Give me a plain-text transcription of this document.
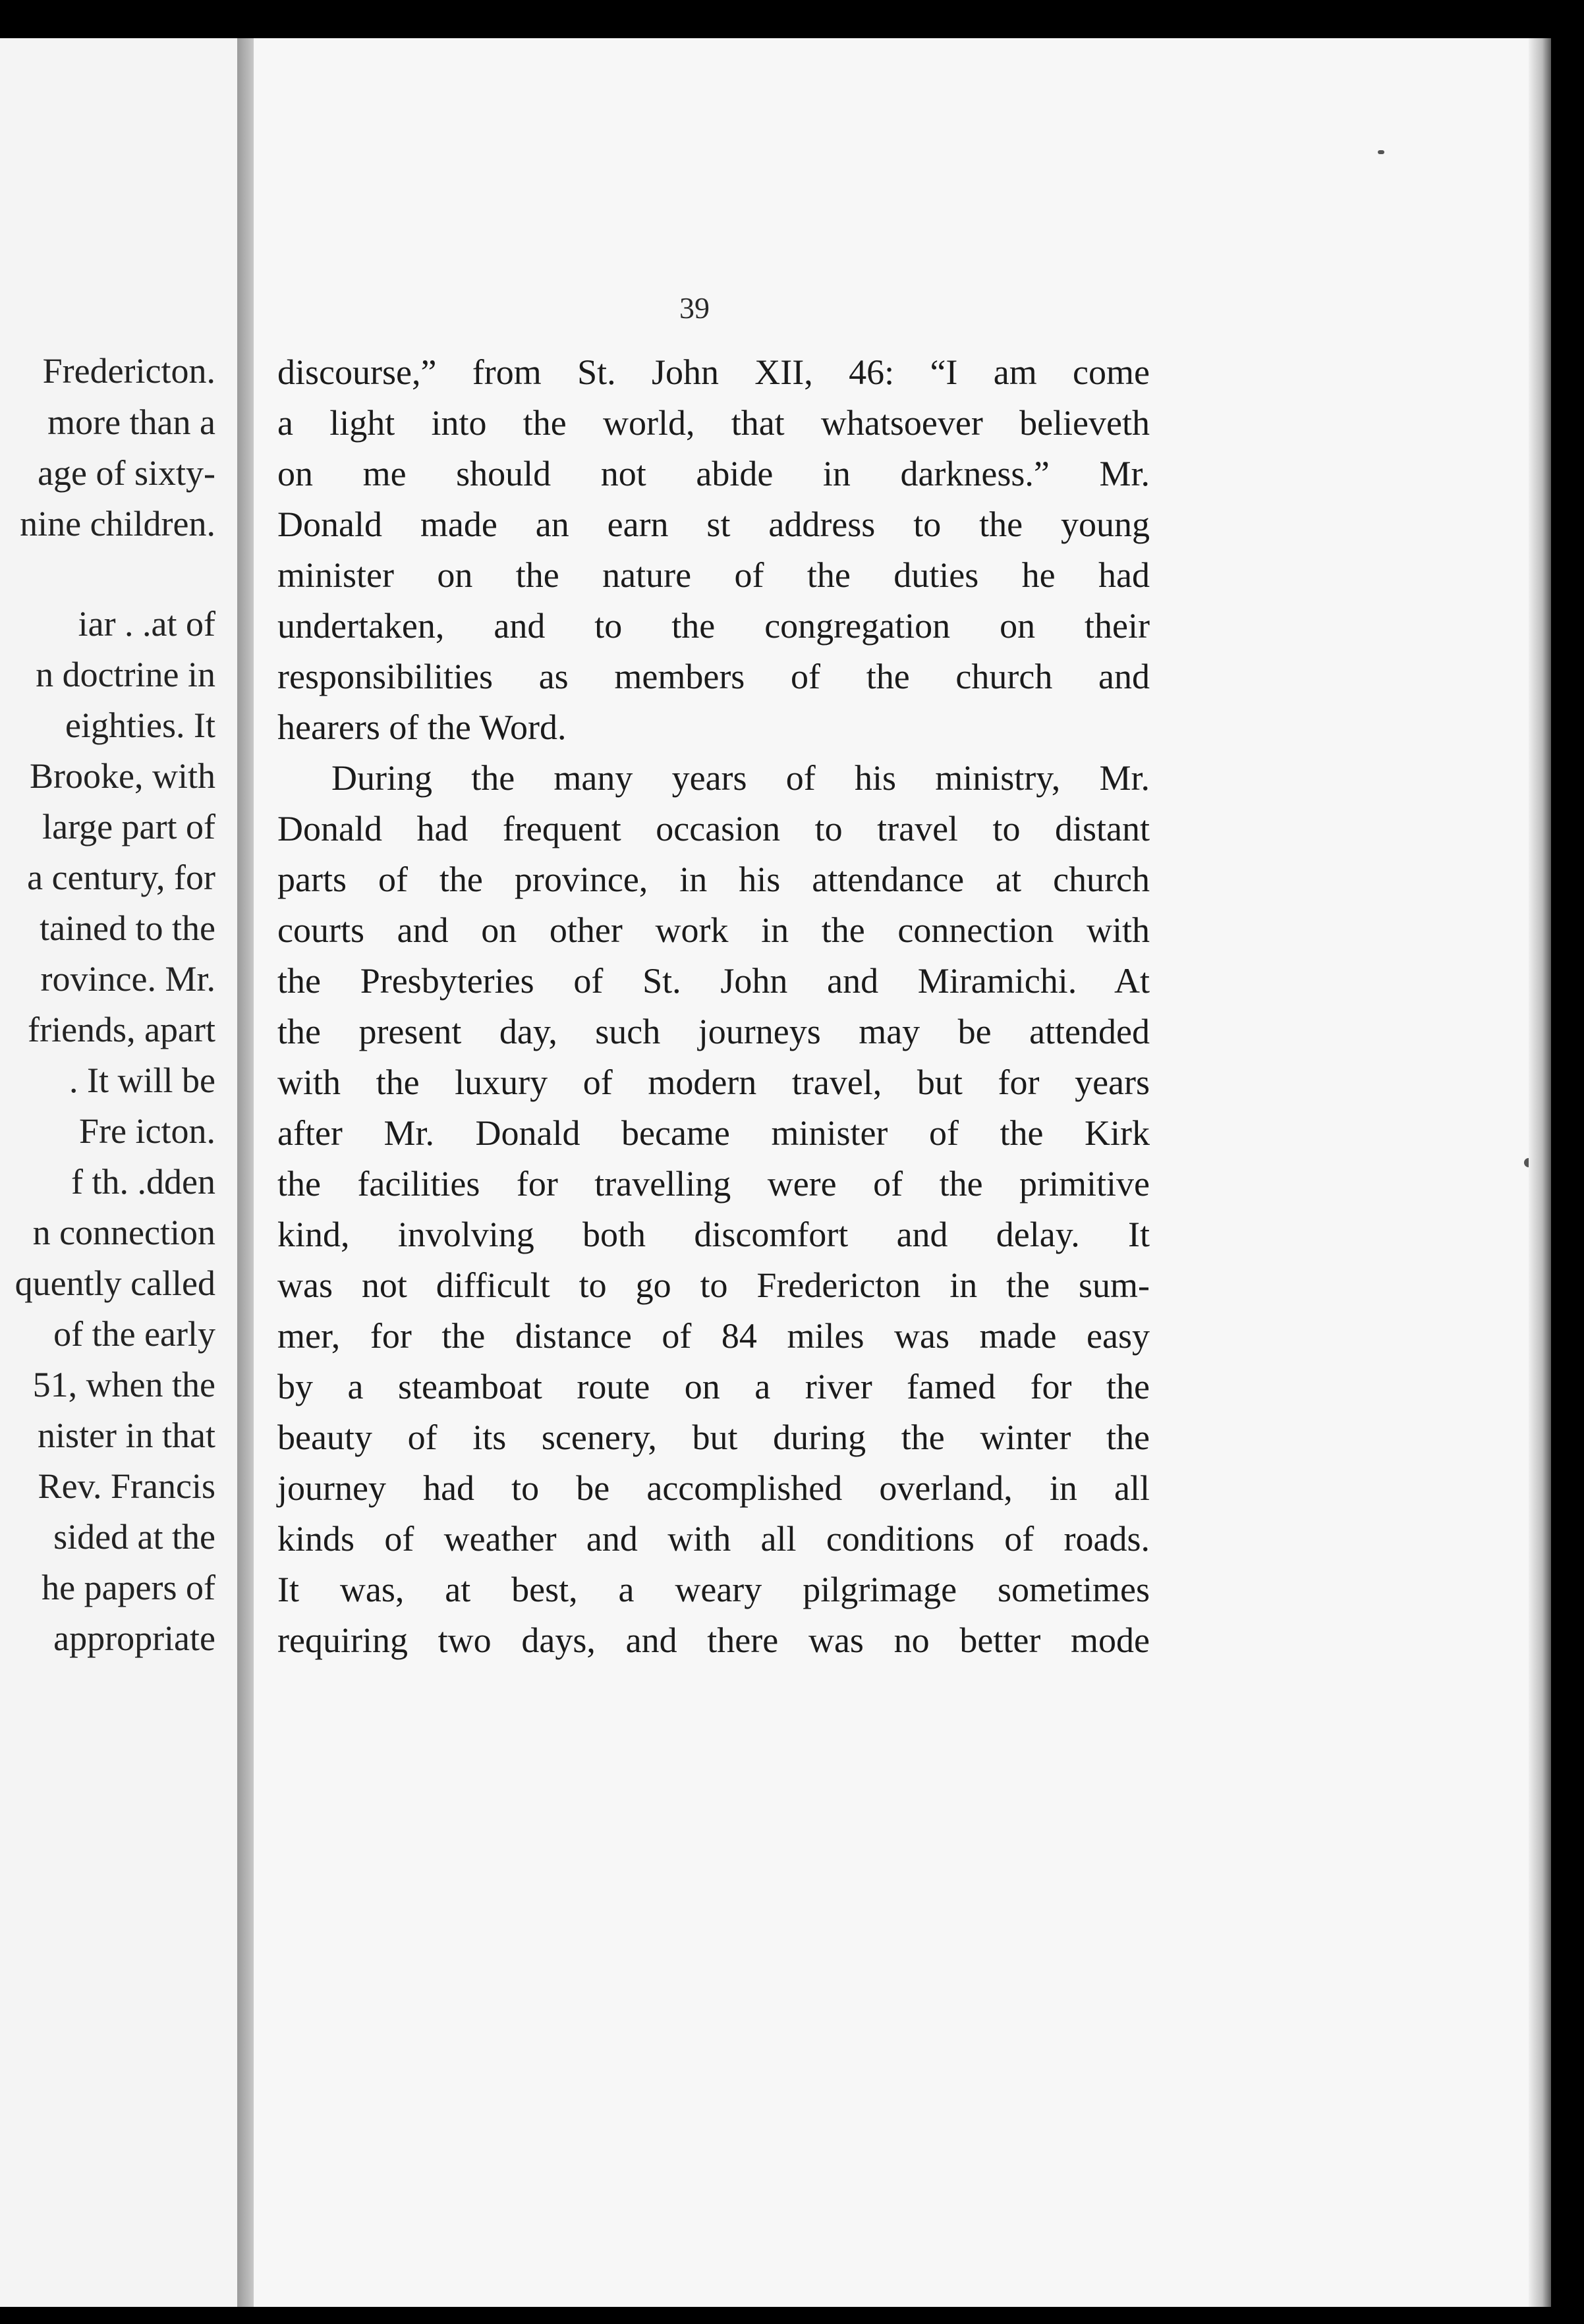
Fredericton.
more than a
age of sixty-
nine children.
iar . .at of
n doctrine in
eighties. It
Brooke, with
large part of
a century, for
tained to the
rovince. Mr.
friends, apart
. It will be
Fre icton.
f th. .dden
n connection
quently called
of the early
51, when the
nister in that
Rev. Francis
sided at the
he papers of
appropriate
39
discourse,” from St. John XII, 46: “I am come
a light into the world, that whatsoever believeth
on me should not abide in darkness.” Mr.
Donald made an earn st address to the young
minister on the nature of the duties he had
undertaken, and to the congregation on their
responsibilities as members of the church and
hearers of the Word.
During the many years of his ministry, Mr.
Donald had frequent occasion to travel to distant
parts of the province, in his attendance at church
courts and on other work in the connection with
the Presbyteries of St. John and Miramichi. At
the present day, such journeys may be attended
with the luxury of modern travel, but for years
after Mr. Donald became minister of the Kirk
the facilities for travelling were of the primitive
kind, involving both discomfort and delay. It
was not difficult to go to Fredericton in the sum-
mer, for the distance of 84 miles was made easy
by a steamboat route on a river famed for the
beauty of its scenery, but during the winter the
journey had to be accomplished overland, in all
kinds of weather and with all conditions of roads.
It was, at best, a weary pilgrimage sometimes
requiring two days, and there was no better mode
